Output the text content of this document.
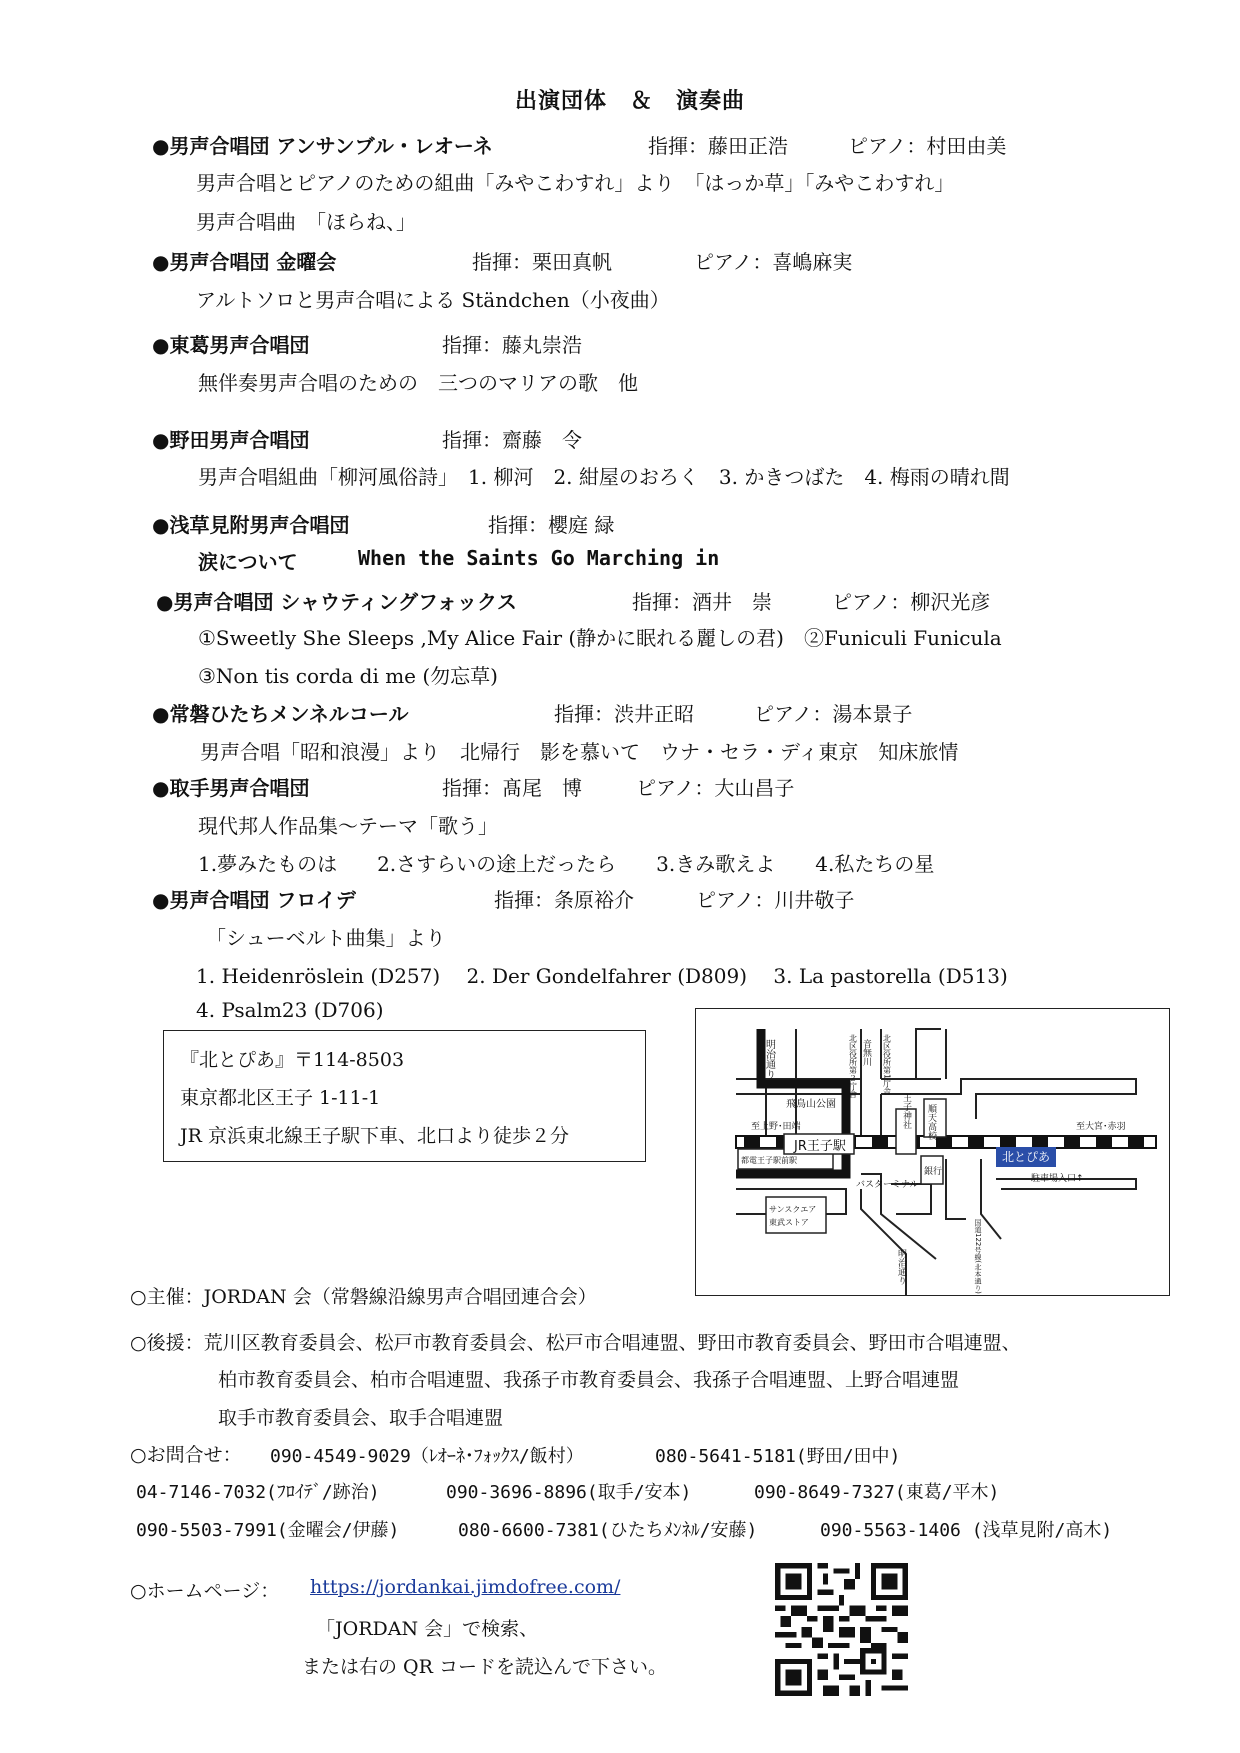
出演団体　＆　演奏曲
●男声合唱団 アンサンブル・レオーネ	指揮：藤田正浩	ピアノ：村田由美
男声合唱とピアノのための組曲「みやこわすれ」より　「はっか草」「みやこわすれ」
男声合唱曲　「ほらね、」
●男声合唱団 金曜会	指揮：栗田真帆	ピアノ：喜嶋麻実
アルトソロと男声合唱による Ständchen（小夜曲）
●東葛男声合唱団	指揮：藤丸崇浩
無伴奏男声合唱のための　三つのマリアの歌　他
●野田男声合唱団	指揮：齋藤　令
男声合唱組曲「柳河風俗詩」　1. 柳河　2. 紺屋のおろく　3. かきつばた　4. 梅雨の晴れ間
●浅草見附男声合唱団	指揮：櫻庭 緑
涙について	When the Saints Go Marching in
●男声合唱団 シャウティングフォックス	指揮：酒井　崇	ピアノ：柳沢光彦
①Sweetly She Sleeps ,My Alice Fair (静かに眠れる麗しの君)　②Funiculi Funicula
③Non tis corda di me (勿忘草)
●常磐ひたちメンネルコール	指揮：渋井正昭	ピアノ：湯本景子
男声合唱「昭和浪漫」より　北帰行　影を慕いて　ウナ・セラ・ディ東京　知床旅情
●取手男声合唱団	指揮：髙尾　博	ピアノ：大山昌子
現代邦人作品集～テーマ「歌う」
1.夢みたものは　　2.さすらいの途上だったら　　3.きみ歌えよ　　4.私たちの星
●男声合唱団 フロイデ	指揮：条原裕介	ピアノ：川井敬子
「シューベルト曲集」より
1. Heidenröslein (D257)　 2. Der Gondelfahrer (D809)　 3. La pastorella (D513)
4. Psalm23 (D706)
『北とぴあ』〒114-8503
東京都北区王子 1-11-1
JR 京浜東北線王子駅下車、北口より徒歩２分
明治通り	音無川
北区役所第２庁舎	北区役所第1庁舎
飛鳥山公園	王子神社 順天高校
至上野･田端	至大宮･赤羽
都電王子駅前駅
銀行
バスターミナル
駐車場入口↑
サンスクエア
東武ストア
明治通り	国道122号線(北本通り)
JR王子駅
北とぴあ
○主催：JORDAN 会（常磐線沿線男声合唱団連合会）
○後援：荒川区教育委員会、松戸市教育委員会、松戸市合唱連盟、野田市教育委員会、野田市合唱連盟、
柏市教育委員会、柏市合唱連盟、我孫子市教育委員会、我孫子合唱連盟、上野合唱連盟
取手市教育委員会、取手合唱連盟
○お問合せ： 090-4549-9029（ﾚｵｰﾈ･ﾌｫｯｸｽ/飯村）	080-5641-5181(野田/田中)
04-7146-7032(ﾌﾛｲﾃﾞ/跡治)	090-3696-8896(取手/安本)	090-8649-7327(東葛/平木)
090-5503-7991(金曜会/伊藤)	080-6600-7381(ひたちﾒﾝﾈﾙ/安藤)	090-5563-1406 (浅草見附/高木)
○ホームページ： https://jordankai.jimdofree.com/
「JORDAN 会」で検索、
または右の QR コードを読込んで下さい。
